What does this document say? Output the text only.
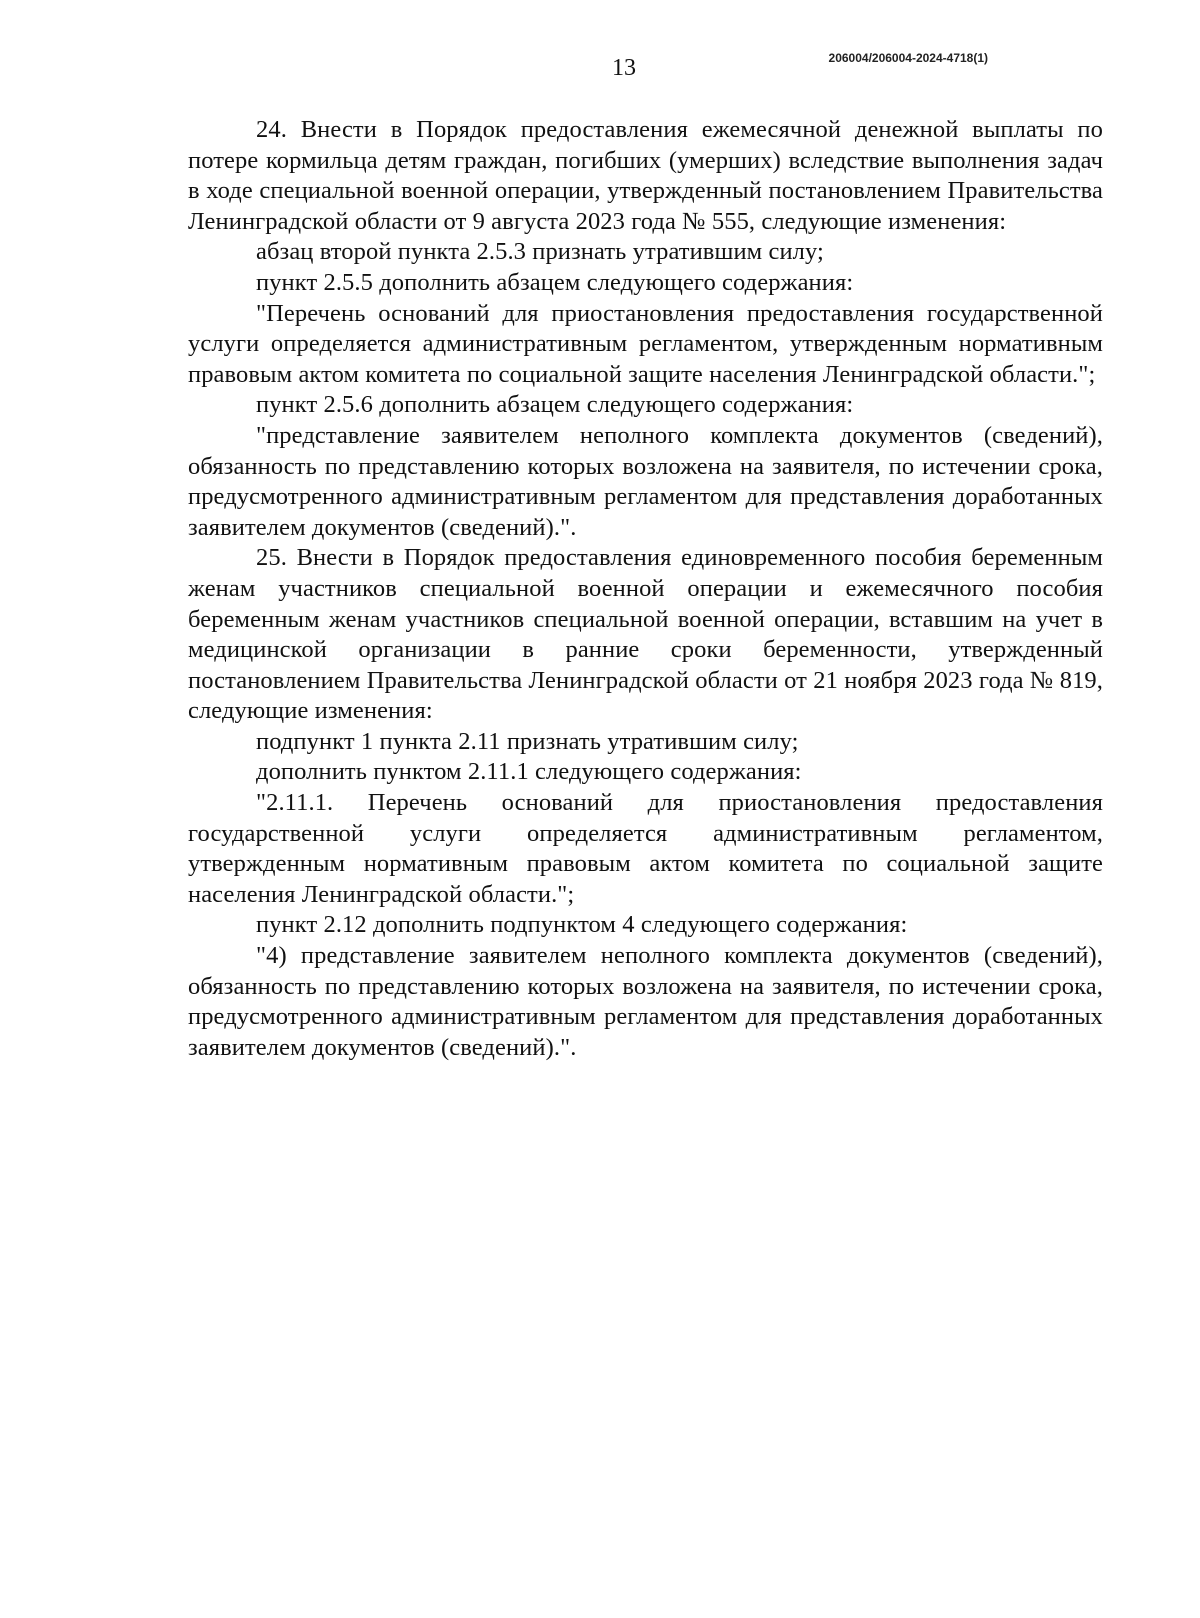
13	206004/206004-2024-4718(1)

24. Внести в Порядок предоставления ежемесячной денежной выплаты по потере кормильца детям граждан, погибших (умерших) вследствие выполнения задач в ходе специальной военной операции, утвержденный постановлением Правительства Ленинградской области от 9 августа 2023 года № 555, следующие изменения:

абзац второй пункта 2.5.3 признать утратившим силу;

пункт 2.5.5 дополнить абзацем следующего содержания:

"Перечень оснований для приостановления предоставления государственной услуги определяется административным регламентом, утвержденным нормативным правовым актом комитета по социальной защите населения Ленинградской области.";

пункт 2.5.6 дополнить абзацем следующего содержания:

"представление заявителем неполного комплекта документов (сведений), обязанность по представлению которых возложена на заявителя, по истечении срока, предусмотренного административным регламентом для представления доработанных заявителем документов (сведений).".

25. Внести в Порядок предоставления единовременного пособия беременным женам участников специальной военной операции и ежемесячного пособия беременным женам участников специальной военной операции, вставшим на учет в медицинской организации в ранние сроки беременности, утвержденный постановлением Правительства Ленинградской области от 21 ноября 2023 года № 819, следующие изменения:

подпункт 1 пункта 2.11 признать утратившим силу;

дополнить пунктом 2.11.1 следующего содержания:

"2.11.1. Перечень оснований для приостановления предоставления государственной услуги определяется административным регламентом, утвержденным нормативным правовым актом комитета по социальной защите населения Ленинградской области.";

пункт 2.12 дополнить подпунктом 4 следующего содержания:

"4) представление заявителем неполного комплекта документов (сведений), обязанность по представлению которых возложена на заявителя, по истечении срока, предусмотренного административным регламентом для представления доработанных заявителем документов (сведений).".
